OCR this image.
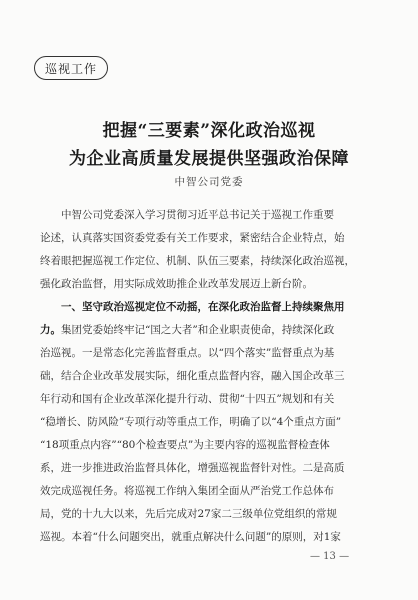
巡视工作
把握“三要素”深化政治巡视
为企业高质量发展提供坚强政治保障
中智公司党委
中智公司党委深入学习贯彻习近平总书记关于巡视工作重要
论述，认真落实国资委党委有关工作要求，紧密结合企业特点，始
终着眼把握巡视工作定位、机制、队伍三要素，持续深化政治巡视，
强化政治监督，用实际成效助推企业改革发展迈上新台阶。
一、坚守政治巡视定位不动摇，在深化政治监督上持续聚焦用
力。集团党委始终牢记“国之大者”和企业职责使命，持续深化政
治巡视。一是常态化完善监督重点。以“四个落实”监督重点为基
础，结合企业改革发展实际，细化重点监督内容，融入国企改革三
年行动和国有企业改革深化提升行动、贯彻“十四五”规划和有关
“稳增长、防风险”专项行动等重点工作，明确了以“4个重点方面”
“18项重点内容”“80个检查要点”为主要内容的巡视监督检查体
系，进一步推进政治监督具体化，增强巡视监督针对性。二是高质
效完成巡视任务。将巡视工作纳入集团全面从严治党工作总体布
局，党的十九大以来，先后完成对27家二三级单位党组织的常规
巡视。本着“什么问题突出，就重点解决什么问题”的原则，对1家
— 13 —
